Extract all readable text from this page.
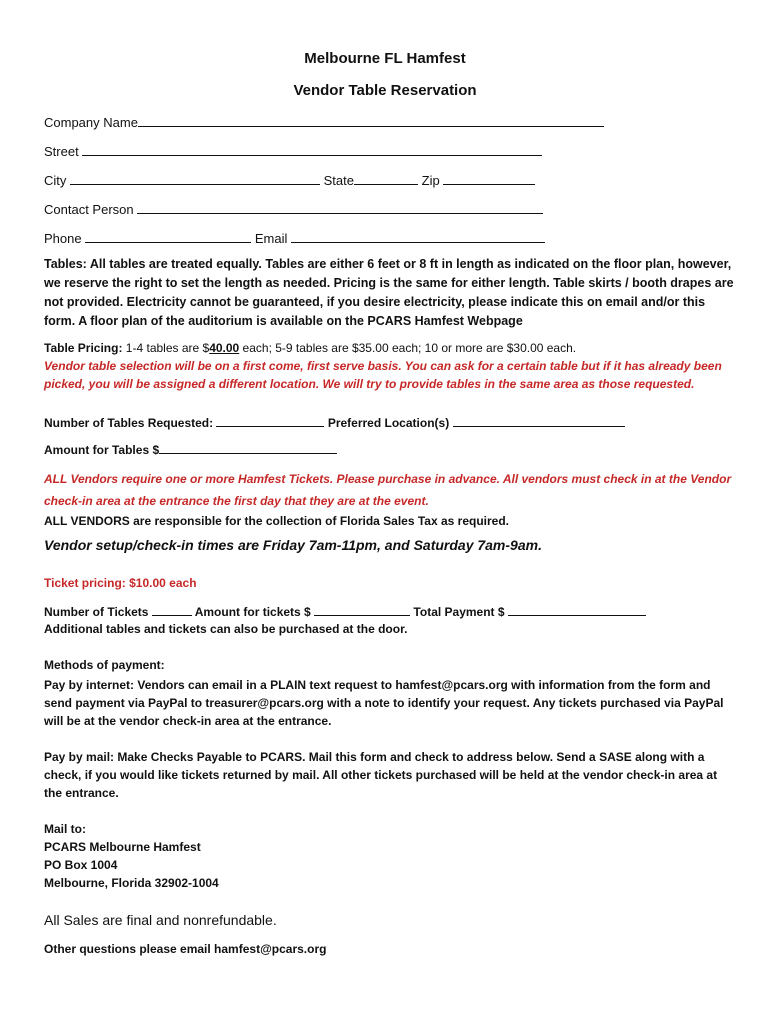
Melbourne FL Hamfest
Vendor Table Reservation
Company Name
Street
City	State	Zip
Contact Person
Phone	Email
Tables: All tables are treated equally. Tables are either 6 feet or 8 ft in length as indicated on the floor plan, however, we reserve the right to set the length as needed. Pricing is the same for either length. Table skirts / booth drapes are not provided. Electricity cannot be guaranteed, if you desire electricity, please indicate this on email and/or this form. A floor plan of the auditorium is available on the PCARS Hamfest Webpage
Table Pricing: 1-4 tables are $40.00 each; 5-9 tables are $35.00 each; 10 or more are $30.00 each.
Vendor table selection will be on a first come, first serve basis. You can ask for a certain table but if it has already been picked, you will be assigned a different location. We will try to provide tables in the same area as those requested.
Number of Tables Requested:	Preferred Location(s)
Amount for Tables $
ALL Vendors require one or more Hamfest Tickets. Please purchase in advance. All vendors must check in at the Vendor check-in area at the entrance the first day that they are at the event.
ALL VENDORS are responsible for the collection of Florida Sales Tax as required.
Vendor setup/check-in times are Friday 7am-11pm, and Saturday 7am-9am.
Ticket pricing: $10.00 each
Number of Tickets	Amount for tickets $	Total Payment $
Additional tables and tickets can also be purchased at the door.
Methods of payment:
Pay by internet: Vendors can email in a PLAIN text request to hamfest@pcars.org with information from the form and send payment via PayPal to treasurer@pcars.org with a note to identify your request. Any tickets purchased via PayPal will be at the vendor check-in area at the entrance.
Pay by mail: Make Checks Payable to PCARS. Mail this form and check to address below. Send a SASE along with a check, if you would like tickets returned by mail. All other tickets purchased will be held at the vendor check-in area at the entrance.
Mail to:
PCARS Melbourne Hamfest
PO Box 1004
Melbourne, Florida 32902-1004
All Sales are final and nonrefundable.
Other questions please email hamfest@pcars.org
